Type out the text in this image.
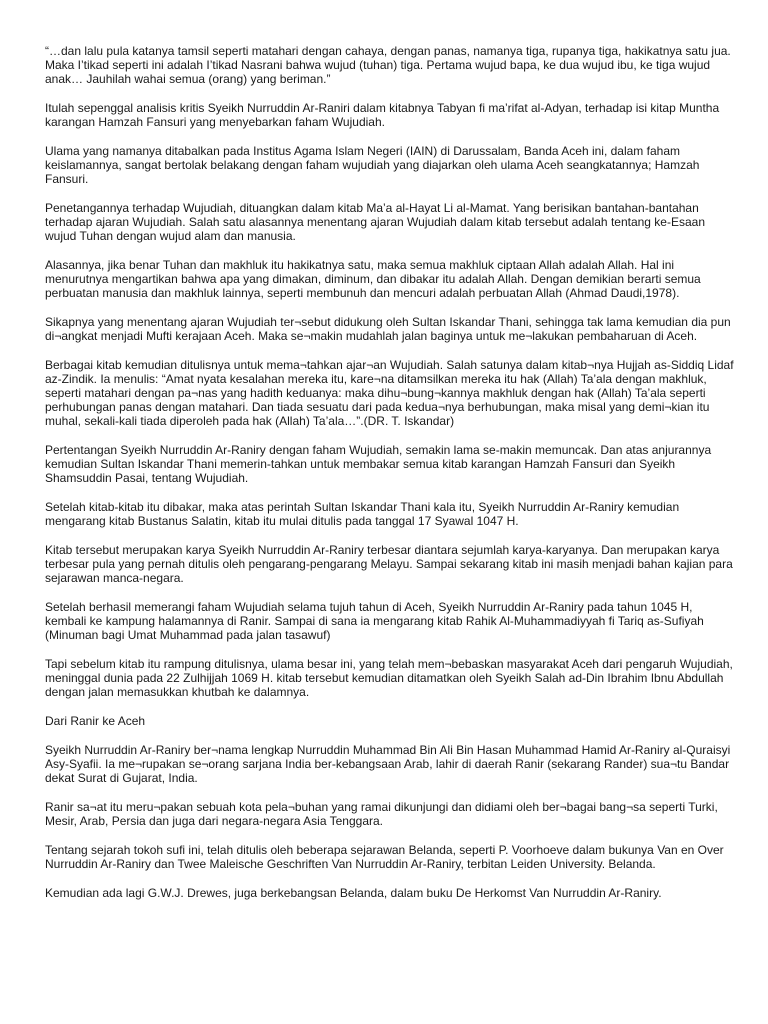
“…dan lalu pula katanya tamsil seperti matahari dengan cahaya, dengan panas, namanya tiga, rupanya tiga, hakikatnya satu jua. Maka I’tikad seperti ini adalah I’tikad Nasrani bahwa wujud (tuhan) tiga. Pertama wujud bapa, ke dua wujud ibu, ke tiga wujud anak… Jauhilah wahai semua (orang) yang beriman.”

Itulah sepenggal analisis kritis Syeikh Nurruddin Ar-Raniri dalam kitabnya Tabyan fi ma’rifat al-Adyan, terhadap isi kitap Muntha karangan Hamzah Fansuri yang menyebarkan faham Wujudiah.

Ulama yang namanya ditabalkan pada Institus Agama Islam Negeri (IAIN) di Darussalam, Banda Aceh ini, dalam faham keislamannya, sangat bertolak belakang dengan faham wujudiah yang diajarkan oleh ulama Aceh seangkatannya; Hamzah Fansuri.

Penetangannya terhadap Wujudiah, dituangkan dalam kitab Ma’a al-Hayat Li al-Mamat. Yang berisikan bantahan-bantahan terhadap ajaran Wujudiah. Salah satu alasannya menentang ajaran Wujudiah dalam kitab tersebut adalah tentang ke-Esaan wujud Tuhan dengan wujud alam dan manusia.

Alasannya, jika benar Tuhan dan makhluk itu hakikatnya satu, maka semua makhluk ciptaan Allah adalah Allah. Hal ini menurutnya mengartikan bahwa apa yang dimakan, diminum, dan dibakar itu adalah Allah. Dengan demikian berarti semua perbuatan manusia dan makhluk lainnya, seperti membunuh dan mencuri adalah perbuatan Allah (Ahmad Daudi,1978).

Sikapnya yang menentang ajaran Wujudiah ter¬sebut didukung oleh Sultan Iskandar Thani, sehingga tak lama kemudian dia pun di¬angkat menjadi Mufti kerajaan Aceh. Maka se¬makin mudahlah jalan baginya untuk me¬lakukan pembaharuan di Aceh.

Berbagai kitab kemudian ditulisnya untuk mema¬tahkan ajar¬an Wujudiah. Salah satunya dalam kitab¬nya Hujjah as-Siddiq Lidaf az-Zindik. Ia menulis: “Amat nyata kesalahan mereka itu, kare¬na ditamsilkan mereka itu hak (Allah) Ta’ala dengan makhluk, seperti matahari dengan pa¬nas yang hadith keduanya: maka dihu¬bung¬kannya makhluk dengan hak (Allah) Ta’ala seperti perhubungan panas dengan matahari. Dan tiada sesuatu dari pada kedua¬nya berhubungan, maka misal yang demi¬kian itu muhal, sekali-kali tiada diperoleh pada hak (Allah) Ta’ala…”.(DR. T. Iskandar)

Pertentangan Syeikh Nurruddin Ar-Raniry dengan faham Wujudiah, semakin lama se-makin memuncak. Dan atas anjurannya kemudian Sultan Iskandar Thani memerin-tahkan untuk membakar semua kitab karangan Hamzah Fansuri dan Syeikh Shamsuddin Pasai, tentang Wujudiah.

Setelah kitab-kitab itu dibakar, maka atas perintah Sultan Iskandar Thani kala itu, Syeikh Nurruddin Ar-Raniry kemudian mengarang kitab Bustanus Salatin, kitab itu mulai ditulis pada tanggal 17 Syawal 1047 H.

Kitab tersebut merupakan karya Syeikh Nurruddin Ar-Raniry terbesar diantara sejumlah karya-karyanya. Dan merupakan karya terbesar pula yang pernah ditulis oleh pengarang-pengarang Melayu. Sampai sekarang kitab ini masih menjadi bahan kajian para sejarawan manca-negara.

Setelah berhasil memerangi faham Wujudiah selama tujuh tahun di Aceh, Syeikh Nurruddin Ar-Raniry pada tahun 1045 H, kembali ke kampung halamannya di Ranir. Sampai di sana ia mengarang kitab Rahik Al-Muhammadiyyah fi Tariq as-Sufiyah (Minuman bagi Umat Muhammad pada jalan tasawuf)

Tapi sebelum kitab itu rampung ditulisnya, ulama besar ini, yang telah mem¬bebaskan masyarakat Aceh dari pengaruh Wujudiah, meninggal dunia pada 22 Zulhijjah 1069 H. kitab tersebut kemudian ditamatkan oleh Syeikh Salah ad-Din Ibrahim Ibnu Abdullah dengan jalan memasukkan khutbah ke dalamnya.

Dari Ranir ke Aceh

Syeikh Nurruddin Ar-Raniry ber¬nama lengkap Nurruddin Muhammad Bin Ali Bin Hasan Muhammad Hamid Ar-Raniry al-Quraisyi Asy-Syafii. Ia me¬rupakan se¬orang sarjana India ber-kebangsaan Arab, lahir di daerah Ranir (sekarang Rander) sua¬tu Bandar dekat Surat di Gujarat, India.

Ranir sa¬at itu meru¬pakan sebuah kota pela¬buhan yang ramai dikunjungi dan didiami oleh ber¬bagai bang¬sa seperti Turki, Mesir, Arab, Persia dan juga dari negara-negara Asia Tenggara.

Tentang sejarah tokoh sufi ini, telah ditulis oleh beberapa sejarawan Belanda, seperti P. Voorhoeve dalam bukunya Van en Over Nurruddin Ar-Raniry dan Twee Maleische Geschriften Van Nurruddin Ar-Raniry, terbitan Leiden University. Belanda.

Kemudian ada lagi G.W.J. Drewes, juga berkebangsan Belanda, dalam buku De Herkomst Van Nurruddin Ar-Raniry.
